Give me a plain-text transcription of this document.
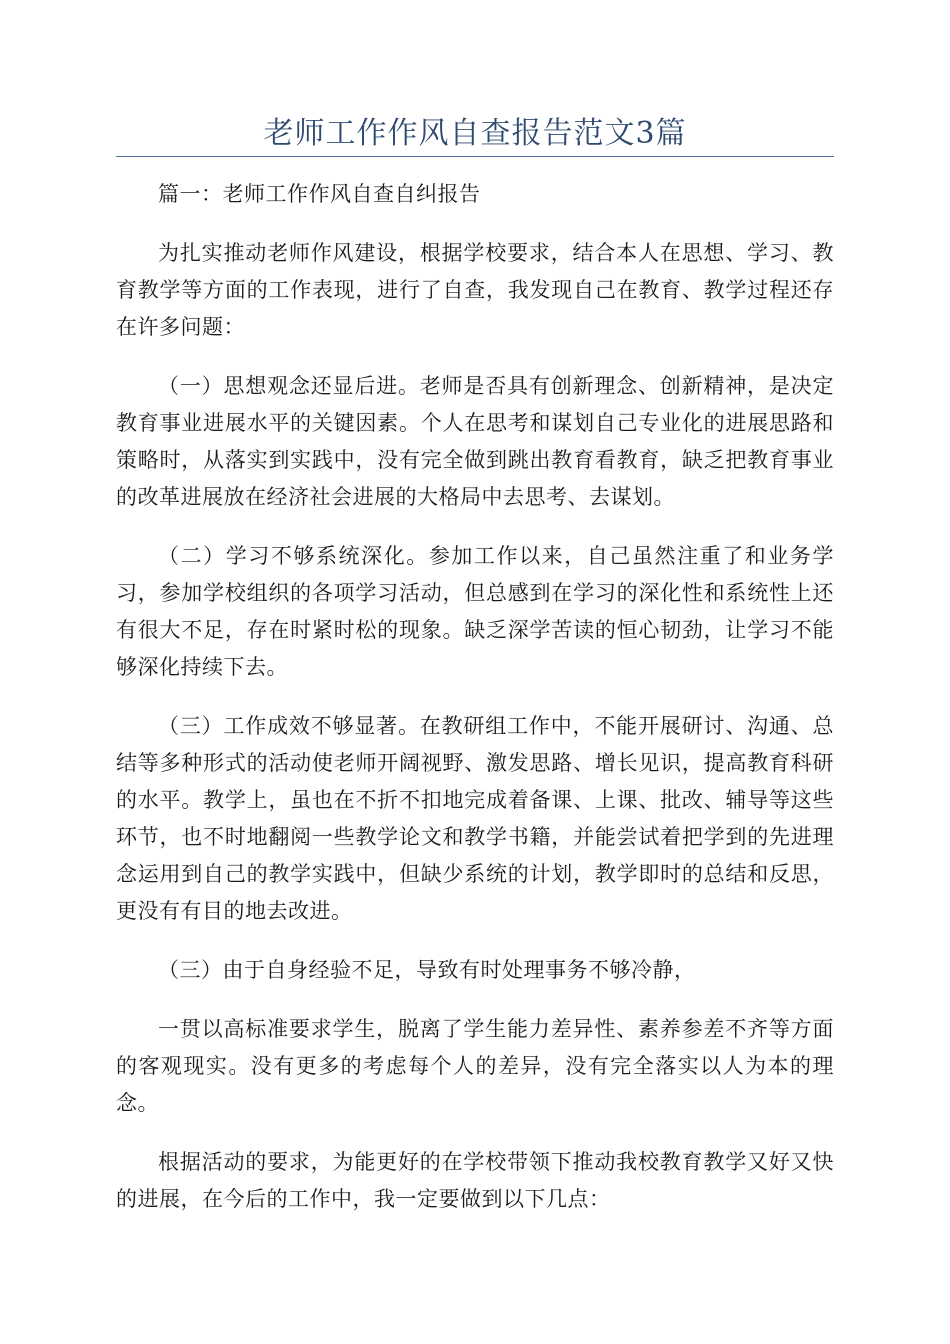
老师工作作风自查报告范文3篇

篇一：老师工作作风自查自纠报告

为扎实推动老师作风建设，根据学校要求，结合本人在思想、学习、教育教学等方面的工作表现，进行了自查，我发现自己在教育、教学过程还存在许多问题：

（一）思想观念还显后进。老师是否具有创新理念、创新精神，是决定教育事业进展水平的关键因素。个人在思考和谋划自己专业化的进展思路和策略时，从落实到实践中，没有完全做到跳出教育看教育，缺乏把教育事业的改革进展放在经济社会进展的大格局中去思考、去谋划。

（二）学习不够系统深化。参加工作以来，自己虽然注重了和业务学习，参加学校组织的各项学习活动，但总感到在学习的深化性和系统性上还有很大不足，存在时紧时松的现象。缺乏深学苦读的恒心韧劲，让学习不能够深化持续下去。

（三）工作成效不够显著。在教研组工作中，不能开展研讨、沟通、总结等多种形式的活动使老师开阔视野、激发思路、增长见识，提高教育科研的水平。教学上，虽也在不折不扣地完成着备课、上课、批改、辅导等这些环节，也不时地翻阅一些教学论文和教学书籍，并能尝试着把学到的先进理念运用到自己的教学实践中，但缺少系统的计划，教学即时的总结和反思，更没有有目的地去改进。

（三）由于自身经验不足，导致有时处理事务不够冷静，

一贯以高标准要求学生，脱离了学生能力差异性、素养参差不齐等方面的客观现实。没有更多的考虑每个人的差异，没有完全落实以人为本的理念。

根据活动的要求，为能更好的在学校带领下推动我校教育教学又好又快的进展，在今后的工作中，我一定要做到以下几点：
